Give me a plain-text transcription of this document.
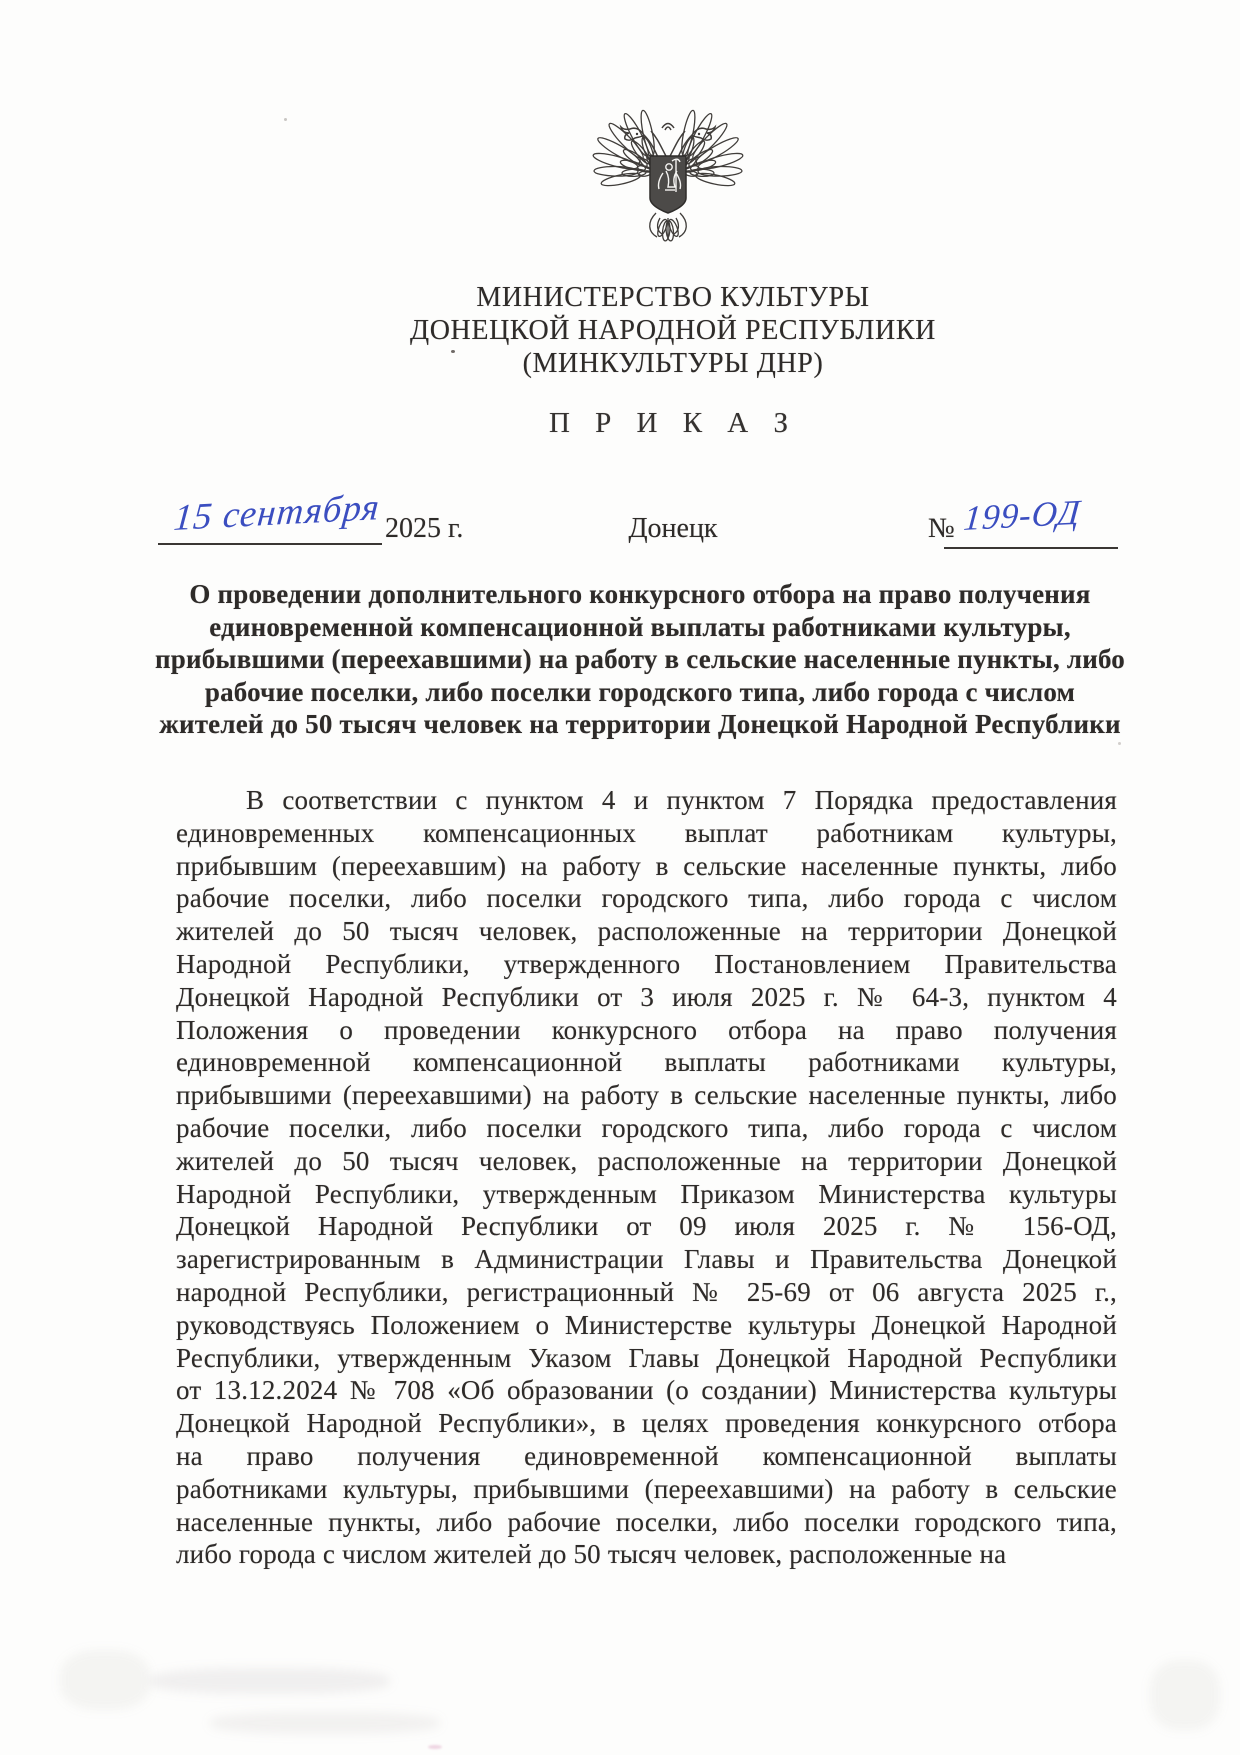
МИНИСТЕРСТВО КУЛЬТУРЫ
ДОНЕЦКОЙ НАРОДНОЙ РЕСПУБЛИКИ
(МИНКУЛЬТУРЫ ДНР)
П Р И К А З
15 сентября 2025 г.	Донецк	№ 199-ОД
О проведении дополнительного конкурсного отбора на право получения
единовременной компенсационной выплаты работниками культуры,
прибывшими (переехавшими) на работу в сельские населенные пункты, либо
рабочие поселки, либо поселки городского типа, либо города с числом
жителей до 50 тысяч человек на территории Донецкой Народной Республики
В соответствии с пунктом 4 и пунктом 7 Порядка предоставления
единовременных компенсационных выплат работникам культуры,
прибывшим (переехавшим) на работу в сельские населенные пункты, либо
рабочие поселки, либо поселки городского типа, либо города с числом
жителей до 50 тысяч человек, расположенные на территории Донецкой
Народной Республики, утвержденного Постановлением Правительства
Донецкой Народной Республики от 3 июля 2025 г. № 64-3, пунктом 4
Положения о проведении конкурсного отбора на право получения
единовременной компенсационной выплаты работниками культуры,
прибывшими (переехавшими) на работу в сельские населенные пункты, либо
рабочие поселки, либо поселки городского типа, либо города с числом
жителей до 50 тысяч человек, расположенные на территории Донецкой
Народной Республики, утвержденным Приказом Министерства культуры
Донецкой Народной Республики от 09 июля 2025 г. № 156-ОД,
зарегистрированным в Администрации Главы и Правительства Донецкой
народной Республики, регистрационный № 25-69 от 06 августа 2025 г.,
руководствуясь Положением о Министерстве культуры Донецкой Народной
Республики, утвержденным Указом Главы Донецкой Народной Республики
от 13.12.2024 № 708 «Об образовании (о создании) Министерства культуры
Донецкой Народной Республики», в целях проведения конкурсного отбора
на право получения единовременной компенсационной выплаты
работниками культуры, прибывшими (переехавшими) на работу в сельские
населенные пункты, либо рабочие поселки, либо поселки городского типа,
либо города с числом жителей до 50 тысяч человек, расположенные на
